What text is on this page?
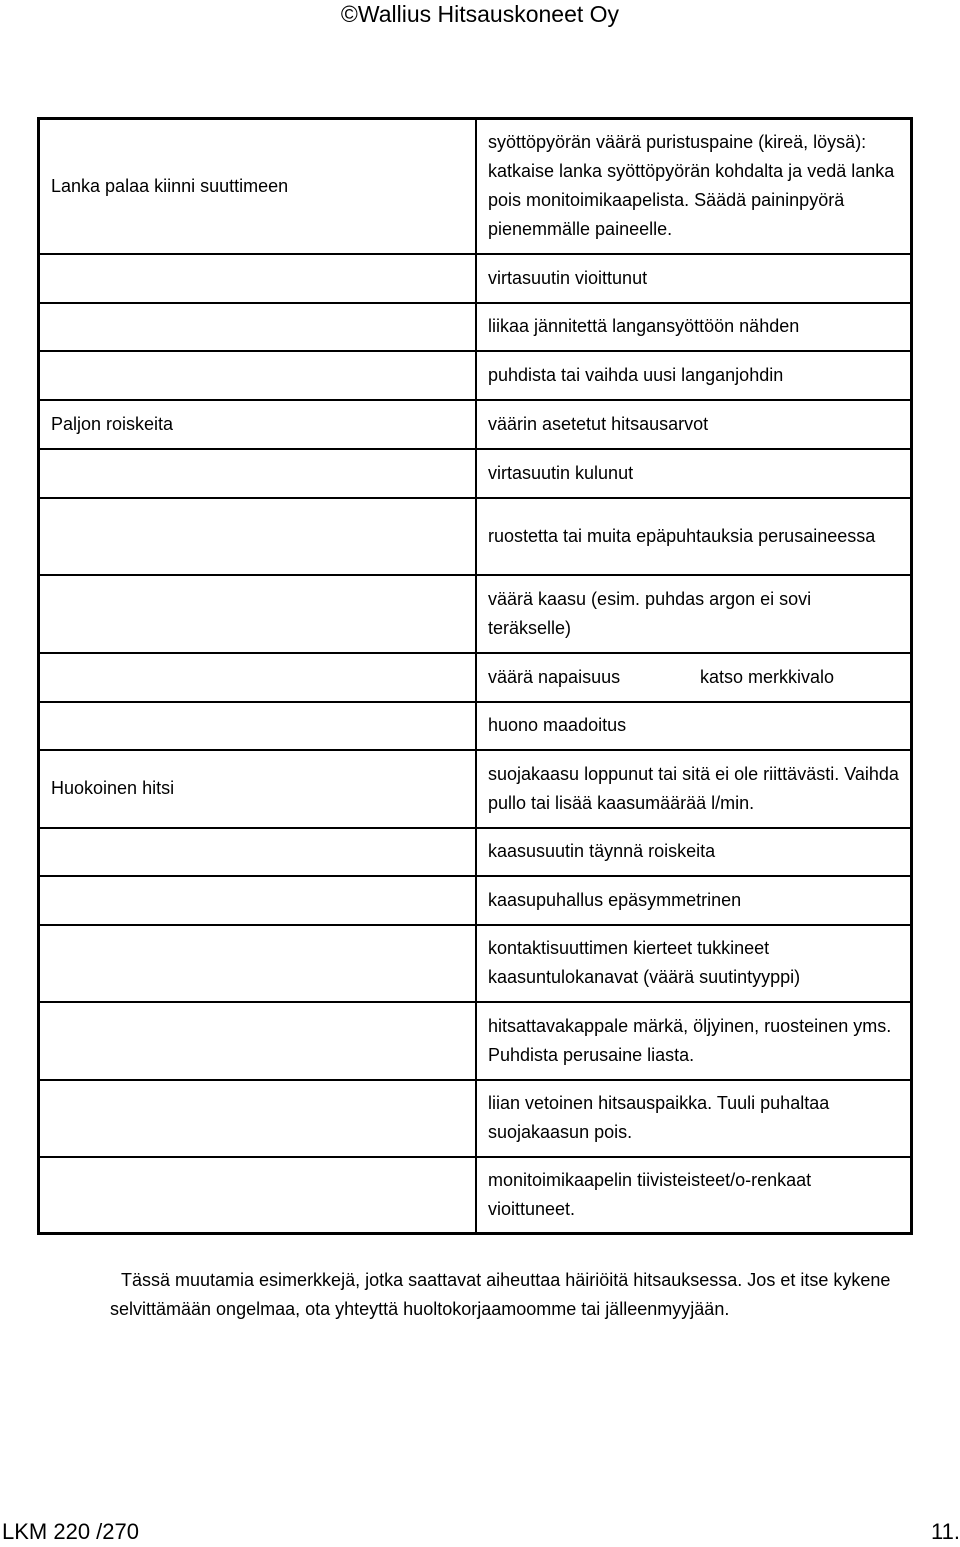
©Wallius Hitsauskoneet Oy
Lanka palaa kiinni suuttimeen	syöttöpyörän väärä puristuspaine (kireä, löysä): katkaise lanka syöttöpyörän kohdalta ja vedä lanka pois monitoimikaapelista. Säädä paininpyörä pienemmälle paineelle.
	virtasuutin vioittunut
	liikaa jännitettä langansyöttöön nähden
	puhdista tai vaihda uusi langanjohdin
Paljon roiskeita	väärin asetetut hitsausarvot
	virtasuutin kulunut
	ruostetta tai muita epäpuhtauksia perusaineessa
	väärä kaasu (esim. puhdas argon ei sovi teräkselle)

	väärä napaisuus katso merkkivalo

	huono maadoitus
Huokoinen hitsi	suojakaasu loppunut tai sitä ei ole riittävästi. Vaihda pullo tai lisää kaasumäärää l/min.
	kaasusuutin täynnä roiskeita
	kaasupuhallus epäsymmetrinen
	kontaktisuuttimen kierteet tukkineet kaasuntulokanavat (väärä suutintyyppi)
	hitsattavakappale märkä, öljyinen, ruosteinen yms. Puhdista perusaine liasta.
	liian vetoinen hitsauspaikka. Tuuli puhaltaa suojakaasun pois.
	monitoimikaapelin tiivisteisteet/o-renkaat vioittuneet.
Tässä muutamia esimerkkejä, jotka saattavat aiheuttaa häiriöitä hitsauksessa. Jos et itse kykene selvittämään ongelmaa, ota yhteyttä huoltokorjaamoomme tai jälleenmyyjään.
LKM 220 /270	11.
